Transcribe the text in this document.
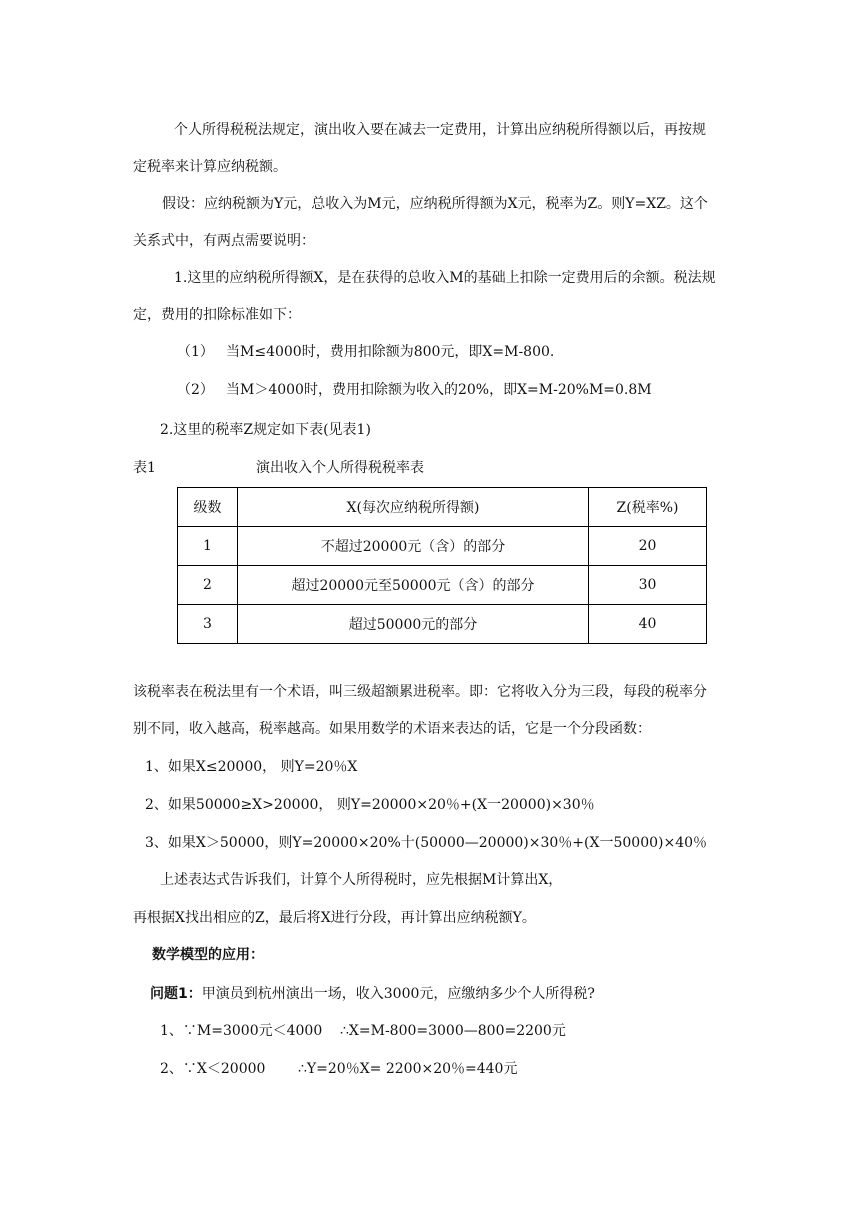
个人所得税税法规定，演出收入要在减去一定费用，计算出应纳税所得额以后，再按规
定税率来计算应纳税额。
假设：应纳税额为Y元，总收入为M元，应纳税所得额为X元，税率为Z。则Y=XZ。这个
关系式中，有两点需要说明：
1.这里的应纳税所得额X，是在获得的总收入M的基础上扣除一定费用后的余额。税法规
定，费用的扣除标准如下：
（1） 当M≤4000时，费用扣除额为800元，即X=M-800.
（2） 当M＞4000时，费用扣除额为收入的20%，即X=M-20%M=0.8M
2.这里的税率Z规定如下表(见表1)
表1	演出收入个人所得税税率表
级数	X(每次应纳税所得额)	Z(税率%)
1	不超过20000元（含）的部分	20
2	超过20000元至50000元（含）的部分	30
3	超过50000元的部分	40
该税率表在税法里有一个术语，叫三级超额累进税率。即：它将收入分为三段，每段的税率分
别不同，收入越高，税率越高。如果用数学的术语来表达的话，它是一个分段函数：
1、如果X≤20000， 则Y=20％X
2、如果50000≥X>20000， 则Y=20000×20％+(X一20000)×30％
3、如果X＞50000，则Y=20000×20%十(50000—20000)×30％+(X一50000)×40％
上述表达式告诉我们，计算个人所得税时，应先根据M计算出X，
再根据X找出相应的Z，最后将X进行分段，再计算出应纳税额Y。
数学模型的应用：
问题1：甲演员到杭州演出一场，收入3000元，应缴纳多少个人所得税?
1、∵M=3000元＜4000 ∴X=M-800=3000—800=2200元
2、∵X＜20000 ∴Y=20％X= 2200×20％=440元
